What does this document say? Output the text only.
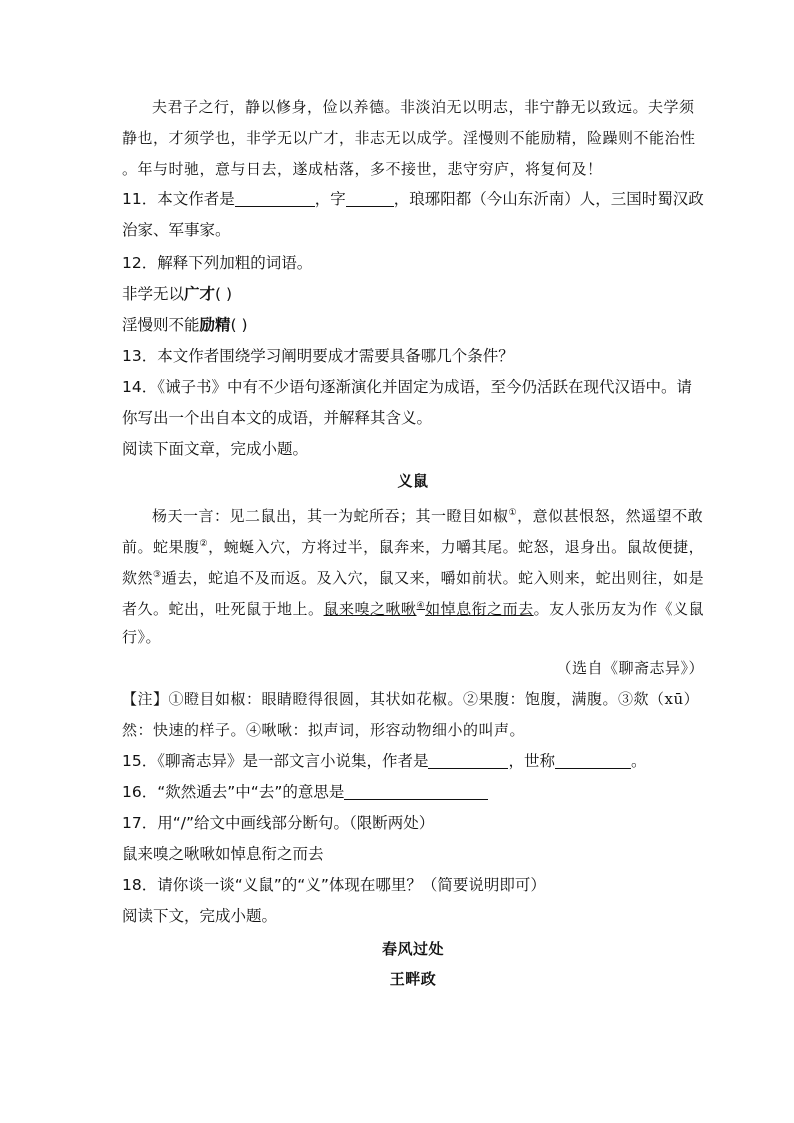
夫君子之行，静以修身，俭以养德。非淡泊无以明志，非宁静无以致远。夫学须
静也，才须学也，非学无以广才，非志无以成学。淫慢则不能励精，险躁则不能治性
。年与时驰，意与日去，遂成枯落，多不接世，悲守穷庐，将复何及！
11．本文作者是	，字	，琅琊阳都（今山东沂南）人，三国时蜀汉政
治家、军事家。
12．解释下列加粗的词语。
非学无以广才( )
淫慢则不能励精( )
13．本文作者围绕学习阐明要成才需要具备哪几个条件？
14．《诫子书》中有不少语句逐渐演化并固定为成语，至今仍活跃在现代汉语中。请
你写出一个出自本文的成语，并解释其含义。
阅读下面文章，完成小题。
义鼠
杨天一言：见二鼠出，其一为蛇所吞；其一瞪目如椒①，意似甚恨怒，然遥望不敢
前。蛇果腹②，蜿蜒入穴，方将过半，鼠奔来，力嚼其尾。蛇怒，退身出。鼠故便捷，
欻然③遁去，蛇追不及而返。及入穴，鼠又来，嚼如前状。蛇入则来，蛇出则往，如是
者久。蛇出，吐死鼠于地上。鼠来嗅之啾啾④如悼息衔之而去。友人张历友为作《义鼠
行》。
（选自《聊斋志异》）
【注】①瞪目如椒：眼睛瞪得很圆，其状如花椒。②果腹：饱腹，满腹。③欻（xū）
然：快速的样子。④啾啾：拟声词，形容动物细小的叫声。
15．《聊斋志异》是一部文言小说集，作者是	，世称	。
16．“欻然遁去”中“去”的意思是
17．用“/”给文中画线部分断句。（限断两处）
鼠来嗅之啾啾如悼息衔之而去
18．请你谈一谈“义鼠”的“义”体现在哪里？（简要说明即可）
阅读下文，完成小题。
春风过处
王畔政
